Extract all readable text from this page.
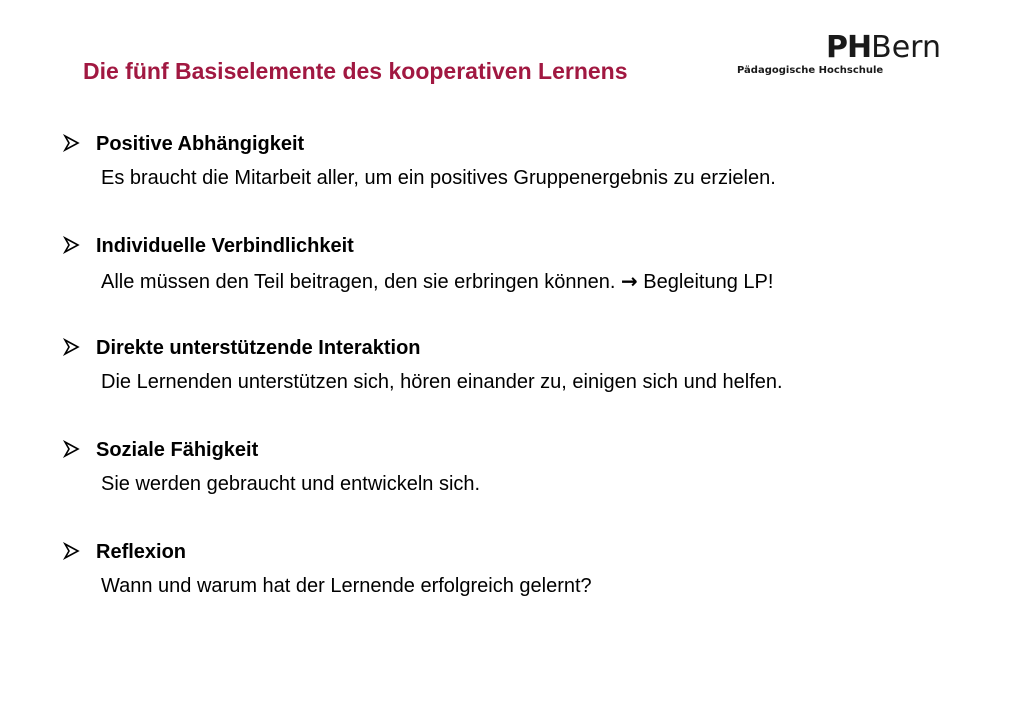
Die fünf Basiselemente des kooperativen Lernens
PHBern
Pädagogische Hochschule
Positive Abhängigkeit
Es braucht die Mitarbeit aller, um ein positives Gruppenergebnis zu erzielen.
Individuelle Verbindlichkeit
Alle müssen den Teil beitragen, den sie erbringen können. → Begleitung LP!
Direkte unterstützende Interaktion
Die Lernenden unterstützen sich, hören einander zu, einigen sich und helfen.
Soziale Fähigkeit
Sie werden gebraucht und entwickeln sich.
Reflexion
Wann und warum hat der Lernende erfolgreich gelernt?
